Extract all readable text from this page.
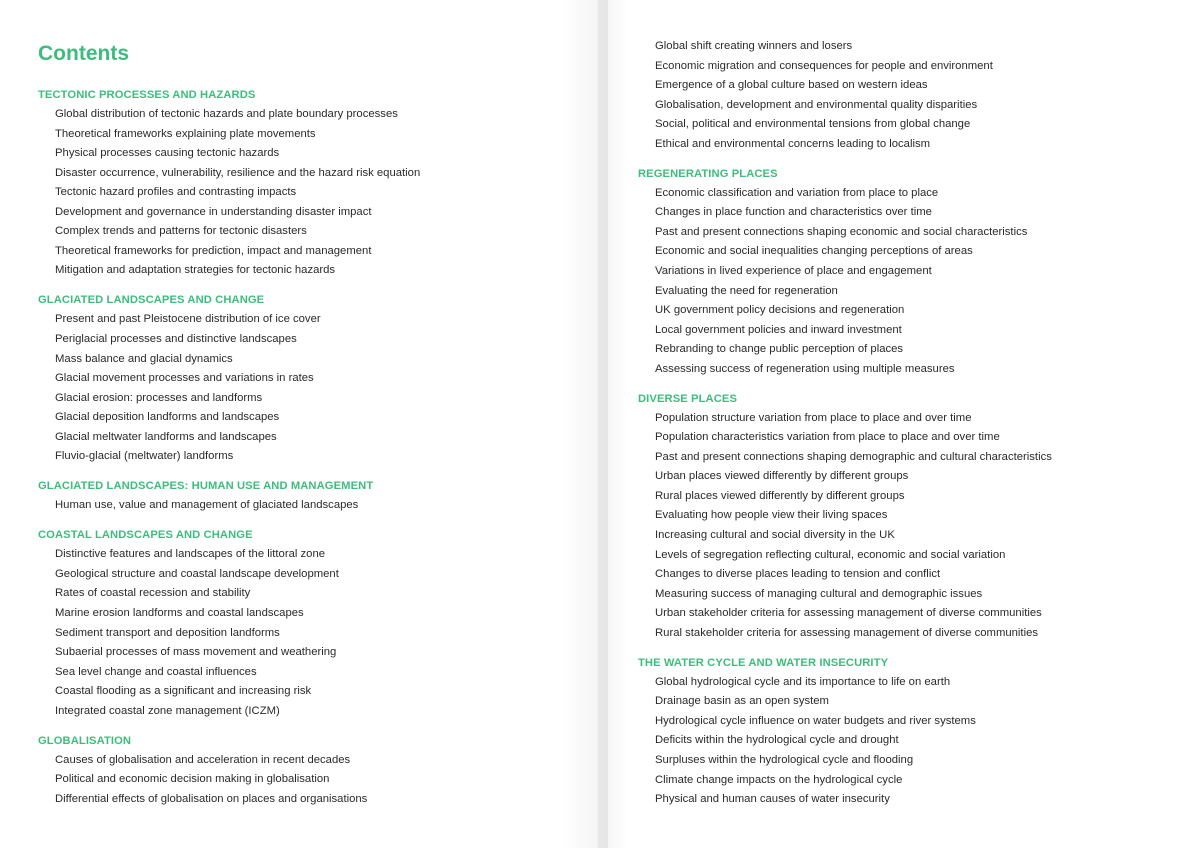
Contents
TECTONIC PROCESSES AND HAZARDS
Global distribution of tectonic hazards and plate boundary processes
Theoretical frameworks explaining plate movements
Physical processes causing tectonic hazards
Disaster occurrence, vulnerability, resilience and the hazard risk equation
Tectonic hazard profiles and contrasting impacts
Development and governance in understanding disaster impact
Complex trends and patterns for tectonic disasters
Theoretical frameworks for prediction, impact and management
Mitigation and adaptation strategies for tectonic hazards
GLACIATED LANDSCAPES AND CHANGE
Present and past Pleistocene distribution of ice cover
Periglacial processes and distinctive landscapes
Mass balance and glacial dynamics
Glacial movement processes and variations in rates
Glacial erosion: processes and landforms
Glacial deposition landforms and landscapes
Glacial meltwater landforms and landscapes
Fluvio-glacial (meltwater) landforms
GLACIATED LANDSCAPES: HUMAN USE AND MANAGEMENT
Human use, value and management of glaciated landscapes
COASTAL LANDSCAPES AND CHANGE
Distinctive features and landscapes of the littoral zone
Geological structure and coastal landscape development
Rates of coastal recession and stability
Marine erosion landforms and coastal landscapes
Sediment transport and deposition landforms
Subaerial processes of mass movement and weathering
Sea level change and coastal influences
Coastal flooding as a significant and increasing risk
Integrated coastal zone management (ICZM)
GLOBALISATION
Causes of globalisation and acceleration in recent decades
Political and economic decision making in globalisation
Differential effects of globalisation on places and organisations
Global shift creating winners and losers
Economic migration and consequences for people and environment
Emergence of a global culture based on western ideas
Globalisation, development and environmental quality disparities
Social, political and environmental tensions from global change
Ethical and environmental concerns leading to localism
REGENERATING PLACES
Economic classification and variation from place to place
Changes in place function and characteristics over time
Past and present connections shaping economic and social characteristics
Economic and social inequalities changing perceptions of areas
Variations in lived experience of place and engagement
Evaluating the need for regeneration
UK government policy decisions and regeneration
Local government policies and inward investment
Rebranding to change public perception of places
Assessing success of regeneration using multiple measures
DIVERSE PLACES
Population structure variation from place to place and over time
Population characteristics variation from place to place and over time
Past and present connections shaping demographic and cultural characteristics
Urban places viewed differently by different groups
Rural places viewed differently by different groups
Evaluating how people view their living spaces
Increasing cultural and social diversity in the UK
Levels of segregation reflecting cultural, economic and social variation
Changes to diverse places leading to tension and conflict
Measuring success of managing cultural and demographic issues
Urban stakeholder criteria for assessing management of diverse communities
Rural stakeholder criteria for assessing management of diverse communities
THE WATER CYCLE AND WATER INSECURITY
Global hydrological cycle and its importance to life on earth
Drainage basin as an open system
Hydrological cycle influence on water budgets and river systems
Deficits within the hydrological cycle and drought
Surpluses within the hydrological cycle and flooding
Climate change impacts on the hydrological cycle
Physical and human causes of water insecurity
